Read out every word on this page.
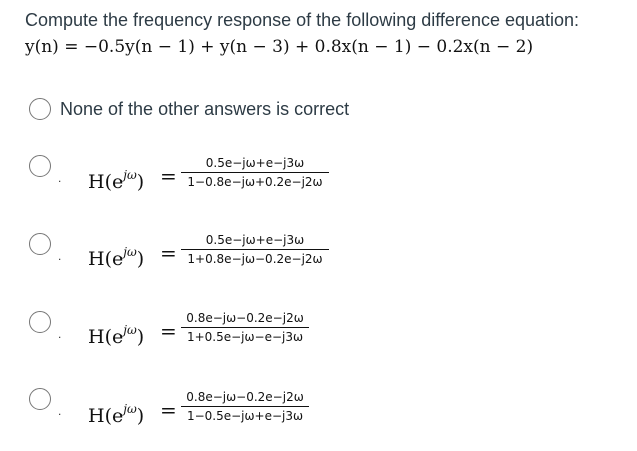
Compute the frequency response of the following difference equation:
y(n) = −0.5y(n − 1) + y(n − 3) + 0.8x(n − 1) − 0.2x(n − 2)
None of the other answers is correct
. $H(e^{j\omega})$ =
0.5e−jω+e−j3ω
1−0.8e−jω+0.2e−j2ω
. $H(e^{j\omega})$ =
0.5e−jω+e−j3ω
1+0.8e−jω−0.2e−j2ω
. $H(e^{j\omega})$ =
0.8e−jω−0.2e−j2ω
1+0.5e−jω−e−j3ω
. $H(e^{j\omega})$ =
0.8e−jω−0.2e−j2ω
1−0.5e−jω+e−j3ω
